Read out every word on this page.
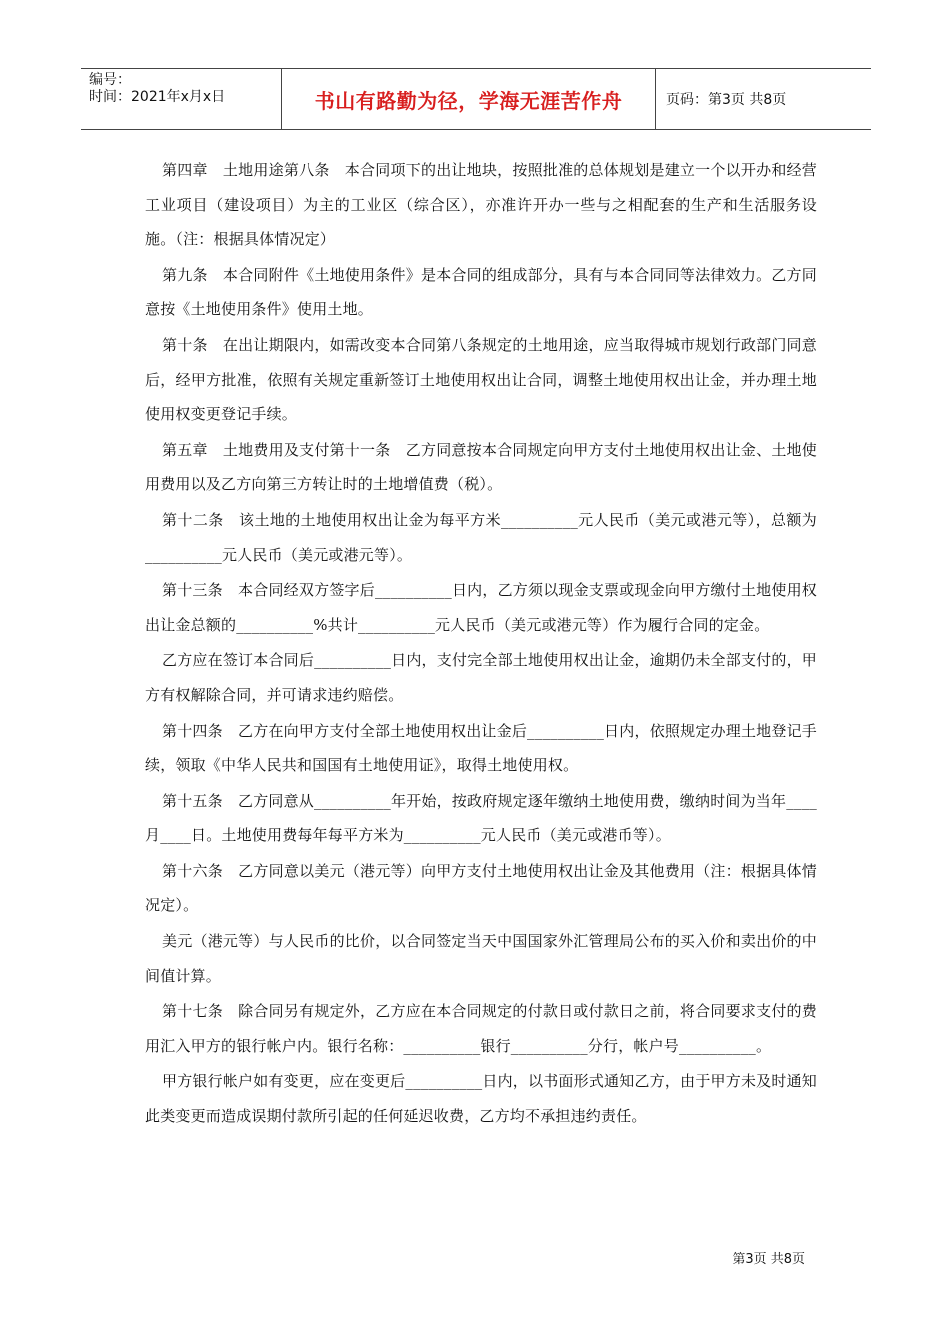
编号：
时间：2021年x月x日	书山有路勤为径，学海无涯苦作舟	页码：第3页 共8页

第四章　土地用途第八条　本合同项下的出让地块，按照批准的总体规划是建立一个以开办和经营工业项目（建设项目）为主的工业区（综合区），亦准许开办一些与之相配套的生产和生活服务设施。（注：根据具体情况定）

第九条　本合同附件《土地使用条件》是本合同的组成部分，具有与本合同同等法律效力。乙方同意按《土地使用条件》使用土地。

第十条　在出让期限内，如需改变本合同第八条规定的土地用途，应当取得城市规划行政部门同意后，经甲方批准，依照有关规定重新签订土地使用权出让合同，调整土地使用权出让金，并办理土地使用权变更登记手续。

第五章　土地费用及支付第十一条　乙方同意按本合同规定向甲方支付土地使用权出让金、土地使用费用以及乙方向第三方转让时的土地增值费（税）。

第十二条　该土地的土地使用权出让金为每平方米__________元人民币（美元或港元等），总额为__________元人民币（美元或港元等）。

第十三条　本合同经双方签字后__________日内，乙方须以现金支票或现金向甲方缴付土地使用权出让金总额的__________%共计__________元人民币（美元或港元等）作为履行合同的定金。

乙方应在签订本合同后__________日内，支付完全部土地使用权出让金，逾期仍未全部支付的，甲方有权解除合同，并可请求违约赔偿。

第十四条　乙方在向甲方支付全部土地使用权出让金后__________日内，依照规定办理土地登记手续，领取《中华人民共和国国有土地使用证》，取得土地使用权。

第十五条　乙方同意从__________年开始，按政府规定逐年缴纳土地使用费，缴纳时间为当年____月____日。土地使用费每年每平方米为__________元人民币（美元或港币等）。

第十六条　乙方同意以美元（港元等）向甲方支付土地使用权出让金及其他费用（注：根据具体情况定）。

美元（港元等）与人民币的比价，以合同签定当天中国国家外汇管理局公布的买入价和卖出价的中间值计算。

第十七条　除合同另有规定外，乙方应在本合同规定的付款日或付款日之前，将合同要求支付的费用汇入甲方的银行帐户内。银行名称：__________银行__________分行，帐户号__________。

甲方银行帐户如有变更，应在变更后__________日内，以书面形式通知乙方，由于甲方未及时通知此类变更而造成误期付款所引起的任何延迟收费，乙方均不承担违约责任。

第3页 共8页
